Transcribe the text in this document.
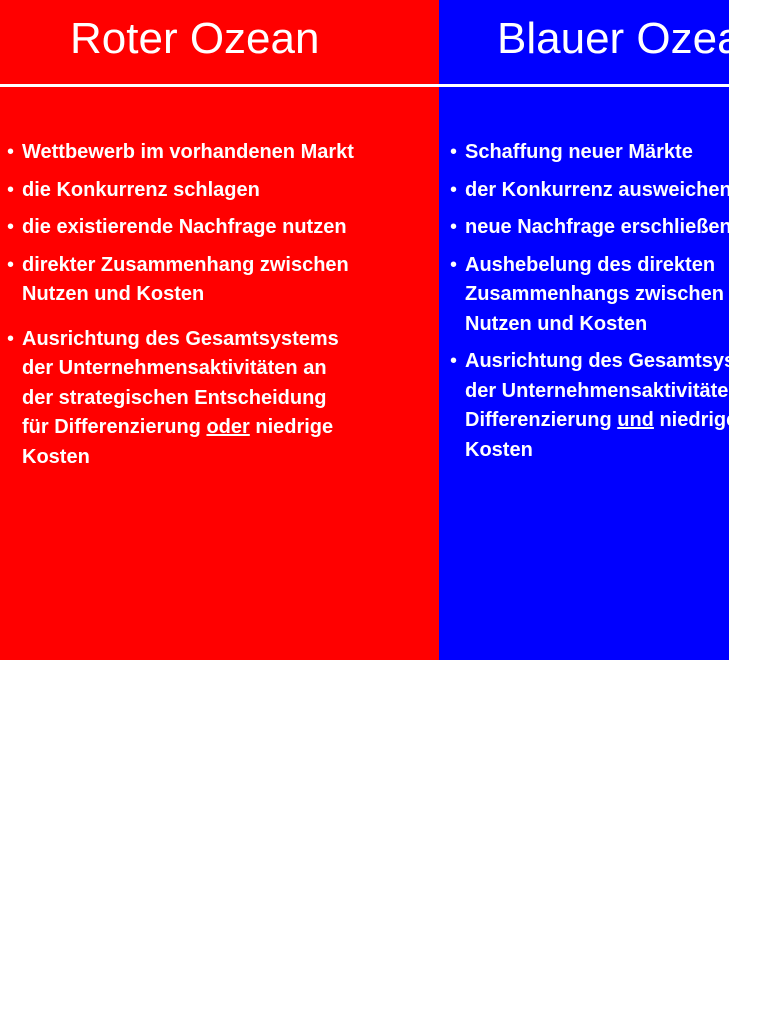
Roter Ozean
• Wettbewerb im vorhandenen Markt
• die Konkurrenz schlagen
• die existierende Nachfrage nutzen
• direkter Zusammenhang zwischen
Nutzen und Kosten
• Ausrichtung des Gesamtsystems
der Unternehmensaktivitäten an
der strategischen Entscheidung
für Differenzierung oder niedrige
Kosten
Blauer Ozean
• Schaffung neuer Märkte
• der Konkurrenz ausweichen
• neue Nachfrage erschließen
• Aushebelung des direkten
Zusammenhangs zwischen
Nutzen und Kosten
• Ausrichtung des Gesamtsystems
der Unternehmensaktivitäten auf
Differenzierung und niedrige
Kosten
